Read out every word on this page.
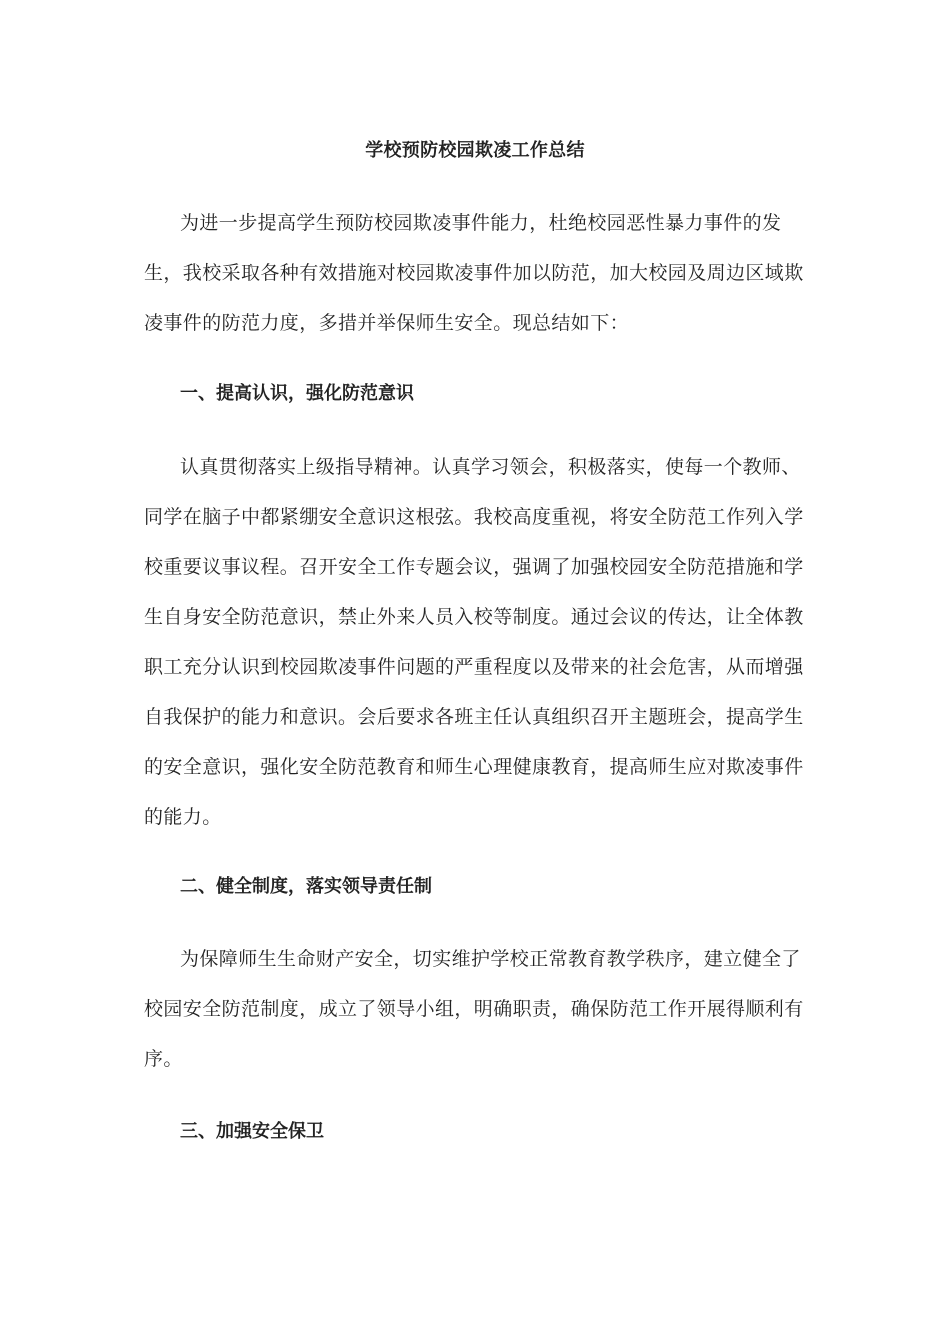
学校预防校园欺凌工作总结

为进一步提高学生预防校园欺凌事件能力，杜绝校园恶性暴力事件的发生，我校采取各种有效措施对校园欺凌事件加以防范，加大校园及周边区域欺凌事件的防范力度，多措并举保师生安全。现总结如下：

一、提高认识，强化防范意识

认真贯彻落实上级指导精神。认真学习领会，积极落实，使每一个教师、同学在脑子中都紧绷安全意识这根弦。我校高度重视，将安全防范工作列入学校重要议事议程。召开安全工作专题会议，强调了加强校园安全防范措施和学生自身安全防范意识，禁止外来人员入校等制度。通过会议的传达，让全体教职工充分认识到校园欺凌事件问题的严重程度以及带来的社会危害，从而增强自我保护的能力和意识。会后要求各班主任认真组织召开主题班会，提高学生的安全意识，强化安全防范教育和师生心理健康教育，提高师生应对欺凌事件的能力。

二、健全制度，落实领导责任制

为保障师生生命财产安全，切实维护学校正常教育教学秩序，建立健全了校园安全防范制度，成立了领导小组，明确职责，确保防范工作开展得顺利有序。

三、加强安全保卫
